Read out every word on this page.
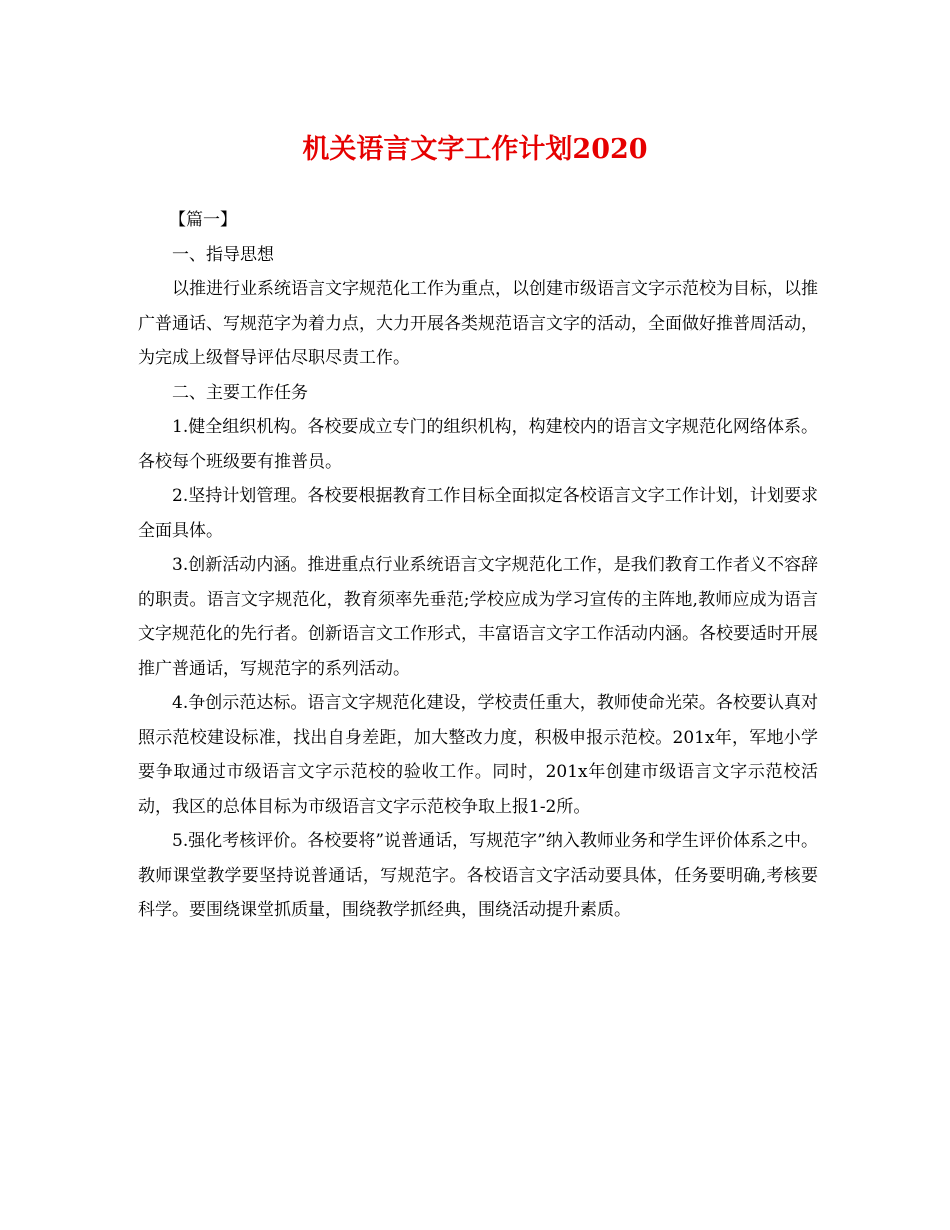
机关语言文字工作计划2020

【篇一】

一、指导思想

以推进行业系统语言文字规范化工作为重点，以创建市级语言文字示范校为目标，以推广普通话、写规范字为着力点，大力开展各类规范语言文字的活动，全面做好推普周活动，为完成上级督导评估尽职尽责工作。

二、主要工作任务

1.健全组织机构。各校要成立专门的组织机构，构建校内的语言文字规范化网络体系。各校每个班级要有推普员。

2.坚持计划管理。各校要根据教育工作目标全面拟定各校语言文字工作计划，计划要求全面具体。

3.创新活动内涵。推进重点行业系统语言文字规范化工作，是我们教育工作者义不容辞的职责。语言文字规范化，教育须率先垂范;学校应成为学习宣传的主阵地,教师应成为语言文字规范化的先行者。创新语言文工作形式，丰富语言文字工作活动内涵。各校要适时开展推广普通话，写规范字的系列活动。

4.争创示范达标。语言文字规范化建设，学校责任重大，教师使命光荣。各校要认真对照示范校建设标准，找出自身差距，加大整改力度，积极申报示范校。201x年，军地小学要争取通过市级语言文字示范校的验收工作。同时，201x年创建市级语言文字示范校活动，我区的总体目标为市级语言文字示范校争取上报1-2所。

5.强化考核评价。各校要将”说普通话，写规范字”纳入教师业务和学生评价体系之中。教师课堂教学要坚持说普通话，写规范字。各校语言文字活动要具体，任务要明确,考核要科学。要围绕课堂抓质量，围绕教学抓经典，围绕活动提升素质。
